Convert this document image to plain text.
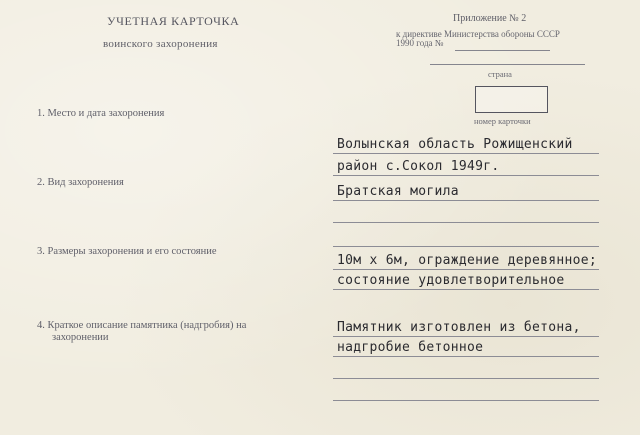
УЧЕТНАЯ КАРТОЧКА
воинского захоронения
Приложение № 2
к директиве Министерства обороны СССР
1990 года №
страна
номер карточки
1. Место и дата захоронения
Волынская область Рожищенский
район с.Сокол 1949г.
2. Вид захоронения
Братская могила
3. Размеры захоронения и его состояние
10м х 6м, ограждение деревянное;
состояние удовлетворительное
4. Краткое описание памятника (надгробия) на
захоронении
Памятник изготовлен из бетона,
надгробие бетонное
